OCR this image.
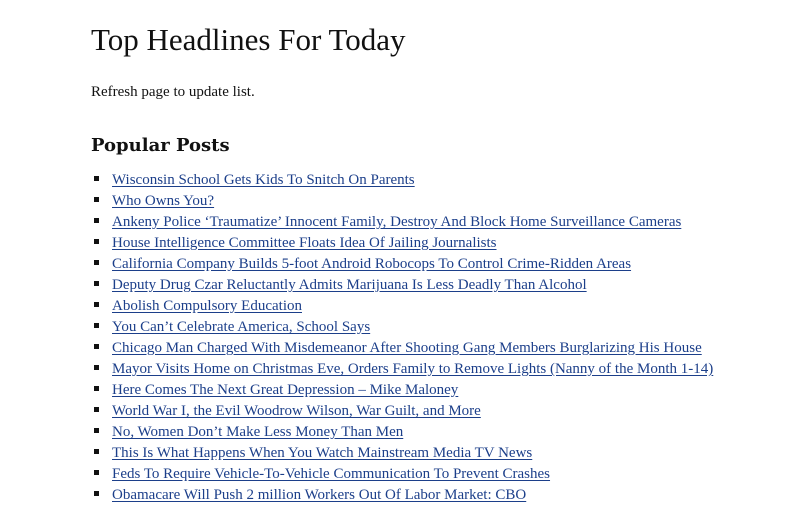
Top Headlines For Today

Refresh page to update list.

Popular Posts
Wisconsin School Gets Kids To Snitch On Parents
Who Owns You?
Ankeny Police ‘Traumatize’ Innocent Family, Destroy And Block Home Surveillance Cameras
House Intelligence Committee Floats Idea Of Jailing Journalists
California Company Builds 5-foot Android Robocops To Control Crime-Ridden Areas
Deputy Drug Czar Reluctantly Admits Marijuana Is Less Deadly Than Alcohol
Abolish Compulsory Education
You Can’t Celebrate America, School Says
Chicago Man Charged With Misdemeanor After Shooting Gang Members Burglarizing His House
Mayor Visits Home on Christmas Eve, Orders Family to Remove Lights (Nanny of the Month 1-14)
Here Comes The Next Great Depression – Mike Maloney
World War I, the Evil Woodrow Wilson, War Guilt, and More
No, Women Don’t Make Less Money Than Men
This Is What Happens When You Watch Mainstream Media TV News
Feds To Require Vehicle-To-Vehicle Communication To Prevent Crashes
Obamacare Will Push 2 million Workers Out Of Labor Market: CBO
